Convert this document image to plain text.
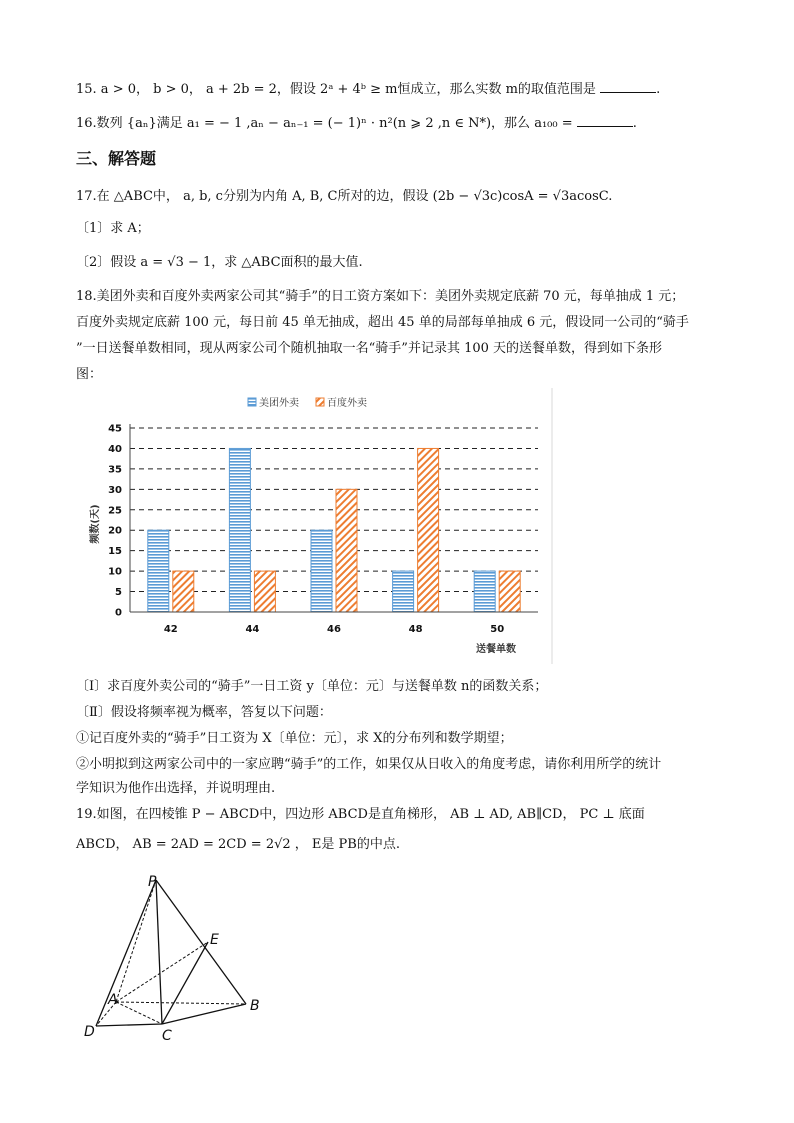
15. a > 0， b > 0， a + 2b = 2，假设 2ᵃ + 4ᵇ ≥ m恒成立，那么实数 m的取值范围是	.
16.数列 {aₙ}满足 a₁ = − 1 ,aₙ − aₙ₋₁ = (− 1)ⁿ · n²(n ⩾ 2 ,n ∈ N*)，那么 a₁₀₀ =	.
三、解答题
17.在 △ABC中， a, b, c分别为内角 A, B, C所对的边，假设 (2b − √3c)cosA = √3acosC.
〔1〕求 A；
〔2〕假设 a = √3 − 1，求 △ABC面积的最大值.
18.美团外卖和百度外卖两家公司其“骑手”的日工资方案如下：美团外卖规定底薪 70 元，每单抽成 1 元；
百度外卖规定底薪 100 元，每日前 45 单无抽成，超出 45 单的局部每单抽成 6 元，假设同一公司的“骑手
”一日送餐单数相同，现从两家公司个随机抽取一名“骑手”并记录其 100 天的送餐单数，得到如下条形
图：
美团外卖	百度外卖
0
5
10
15
20
25
30
35
40
45
42	44	46	48	50
送餐单数
频数(天)
〔Ⅰ〕求百度外卖公司的“骑手”一日工资 y〔单位：元〕与送餐单数 n的函数关系；
〔Ⅱ〕假设将频率视为概率，答复以下问题：
①记百度外卖的“骑手”日工资为 X〔单位：元〕，求 X的分布列和数学期望；
②小明拟到这两家公司中的一家应聘“骑手”的工作，如果仅从日收入的角度考虑，请你利用所学的统计
学知识为他作出选择，并说明理由.
19.如图，在四棱锥 P − ABCD中，四边形 ABCD是直角梯形， AB ⊥ AD, AB∥CD， PC ⊥ 底面
ABCD， AB = 2AD = 2CD = 2√2 ， E是 PB的中点.
P
E
A	B
C
D
